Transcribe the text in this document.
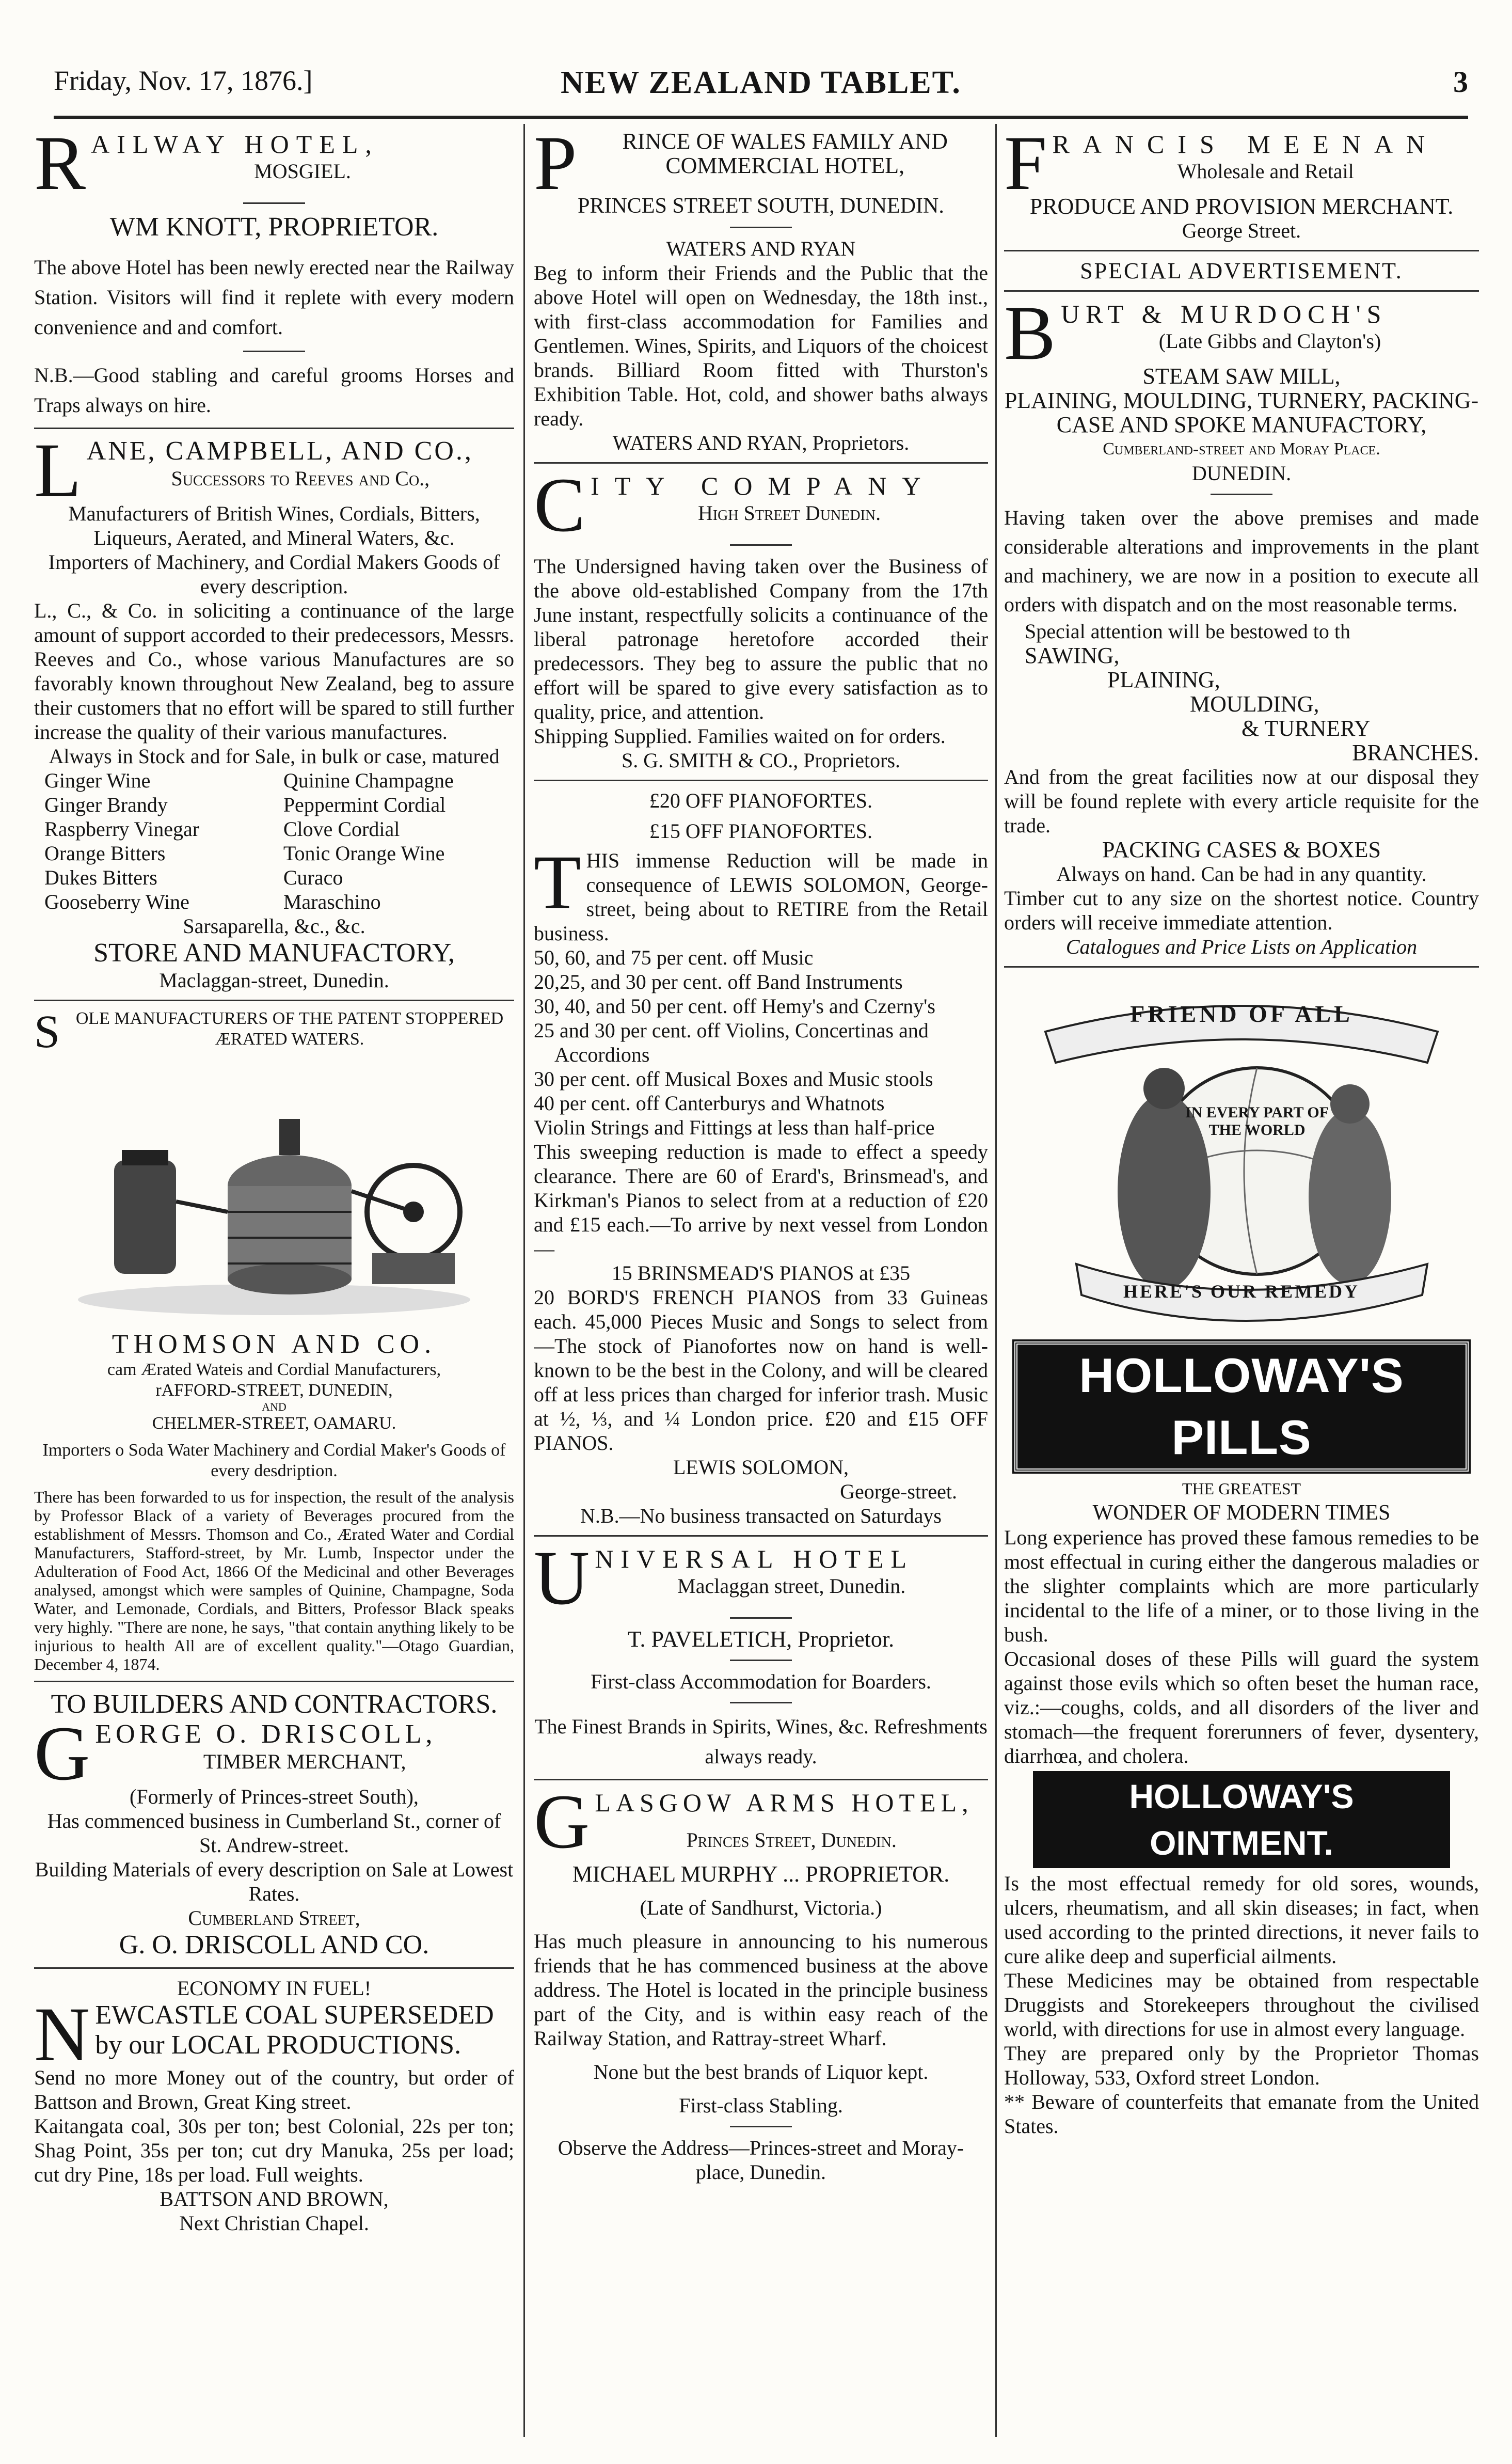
Friday, Nov. 17, 1876.]	NEW ZEALAND TABLET.	3
R AILWAY HOTEL,
MOSGIEL.
WM KNOTT, PROPRIETOR.
The above Hotel has been newly erected near the Railway Station. Visitors will find it replete with every modern convenience and and comfort.
N.B.—Good stabling and careful grooms Horses and Traps always on hire.
L ANE, CAMPBELL, AND CO.,
Successors to Reeves and Co.,
Manufacturers of British Wines, Cordials, Bitters, Liqueurs, Aerated, and Mineral Waters, &c.
Importers of Machinery, and Cordial Makers Goods of every description.
L., C., & Co. in soliciting a continuance of the large amount of support accorded to their predecessors, Messrs. Reeves and Co., whose various Manufactures are so favorably known throughout New Zealand, beg to assure their customers that no effort will be spared to still further increase the quality of their various manufactures.
Always in Stock and for Sale, in bulk or case, matured
Ginger Wine	Quinine Champagne
Ginger Brandy	Peppermint Cordial
Raspberry Vinegar	Clove Cordial
Orange Bitters	Tonic Orange Wine
Dukes Bitters	Curaco
Gooseberry Wine	Maraschino
Sarsaparella, &c., &c.
STORE AND MANUFACTORY,
Maclaggan-street, Dunedin.
S OLE MANUFACTURERS OF THE PATENT STOPPERED ÆRATED WATERS.
THOMSON AND CO.
cam Ærated Wateis and Cordial Manufacturers,
rAFFORD-STREET, DUNEDIN,
AND
CHELMER-STREET, OAMARU.
Importers o Soda Water Machinery and Cordial Maker's Goods of every desdription.
There has been forwarded to us for inspection, the result of the analysis by Professor Black of a variety of Beverages procured from the establishment of Messrs. Thomson and Co., Ærated Water and Cordial Manufacturers, Stafford-street, by Mr. Lumb, Inspector under the Adulteration of Food Act, 1866 Of the Medicinal and other Beverages analysed, amongst which were samples of Quinine, Champagne, Soda Water, and Lemonade, Cordials, and Bitters, Professor Black speaks very highly. "There are none, he says, "that contain anything likely to be injurious to health All are of excellent quality."—Otago Guardian, December 4, 1874.
TO BUILDERS AND CONTRACTORS.
G EORGE O. DRISCOLL,
TIMBER MERCHANT,
(Formerly of Princes-street South),
Has commenced business in Cumberland St., corner of St. Andrew-street.
Building Materials of every description on Sale at Lowest Rates.
Cumberland Street,
G. O. DRISCOLL AND CO.
ECONOMY IN FUEL!
N EWCASTLE COAL SUPERSEDED by our LOCAL PRODUCTIONS.
Send no more Money out of the country, but order of Battson and Brown, Great King street.
Kaitangata coal, 30s per ton; best Colonial, 22s per ton; Shag Point, 35s per ton; cut dry Manuka, 25s per load; cut dry Pine, 18s per load. Full weights.
BATTSON AND BROWN,
Next Christian Chapel.
P	RINCE OF WALES FAMILY AND COMMERCIAL HOTEL,
PRINCES STREET SOUTH, DUNEDIN.
WATERS AND RYAN
Beg to inform their Friends and the Public that the above Hotel will open on Wednesday, the 18th inst., with first-class accommodation for Families and Gentlemen. Wines, Spirits, and Liquors of the choicest brands. Billiard Room fitted with Thurston's Exhibition Table. Hot, cold, and shower baths always ready.
WATERS AND RYAN, Proprietors.
C ITY COMPANY
High Street Dunedin.
The Undersigned having taken over the Business of the above old-established Company from the 17th June instant, respectfully solicits a continuance of the liberal patronage heretofore accorded their predecessors. They beg to assure the public that no effort will be spared to give every satisfaction as to quality, price, and attention.
Shipping Supplied. Families waited on for orders.
S. G. SMITH & CO., Proprietors.
£20 OFF PIANOFORTES.
£15 OFF PIANOFORTES.
T HIS immense Reduction will be made in consequence of LEWIS SOLOMON, George-street, being about to RETIRE from the Retail business.
50, 60, and 75 per cent. off Music
20,25, and 30 per cent. off Band Instruments
30, 40, and 50 per cent. off Hemy's and Czerny's
25 and 30 per cent. off Violins, Concertinas and Accordions
30 per cent. off Musical Boxes and Music stools
40 per cent. off Canterburys and Whatnots
Violin Strings and Fittings at less than half-price
This sweeping reduction is made to effect a speedy clearance. There are 60 of Erard's, Brinsmead's, and Kirkman's Pianos to select from at a reduction of £20 and £15 each.—To arrive by next vessel from London—
15 BRINSMEAD'S PIANOS at £35
20 BORD'S FRENCH PIANOS from 33 Guineas each. 45,000 Pieces Music and Songs to select from —The stock of Pianofortes now on hand is well-known to be the best in the Colony, and will be cleared off at less prices than charged for inferior trash. Music at ½, ⅓, and ¼ London price. £20 and £15 OFF PIANOS.
LEWIS SOLOMON,
George-street.
N.B.—No business transacted on Saturdays
U NIVERSAL HOTEL
Maclaggan street, Dunedin.
T. PAVELETICH, Proprietor.
First-class Accommodation for Boarders.
The Finest Brands in Spirits, Wines, &c. Refreshments always ready.
G LASGOW ARMS HOTEL,
Princes Street, Dunedin.
MICHAEL MURPHY ... PROPRIETOR.
(Late of Sandhurst, Victoria.)
Has much pleasure in announcing to his numerous friends that he has commenced business at the above address. The Hotel is located in the principle business part of the City, and is within easy reach of the Railway Station, and Rattray-street Wharf.
None but the best brands of Liquor kept.
First-class Stabling.
Observe the Address—Princes-street and Moray-place, Dunedin.
F RANCIS MEENAN
Wholesale and Retail
PRODUCE AND PROVISION MERCHANT.
George Street.
SPECIAL ADVERTISEMENT.
B URT & MURDOCH'S
(Late Gibbs and Clayton's)
STEAM SAW MILL,
PLAINING, MOULDING, TURNERY, PACKING-CASE AND SPOKE MANUFACTORY,
Cumberland-street and Moray Place.
DUNEDIN.
Having taken over the above premises and made considerable alterations and improvements in the plant and machinery, we are now in a position to execute all orders with dispatch and on the most reasonable terms.
Special attention will be bestowed to th
SAWING,
PLAINING,
MOULDING,
& TURNERY
BRANCHES.
And from the great facilities now at our disposal they will be found replete with every article requisite for the trade.
PACKING CASES & BOXES
Always on hand. Can be had in any quantity.
Timber cut to any size on the shortest notice. Country orders will receive immediate attention.
Catalogues and Price Lists on Application
FRIEND OF ALL
IN EVERY PART OF THE WORLD
HERE'S OUR REMEDY
HOLLOWAY'S PILLS
THE GREATEST
WONDER OF MODERN TIMES
Long experience has proved these famous remedies to be most effectual in curing either the dangerous maladies or the slighter complaints which are more particularly incidental to the life of a miner, or to those living in the bush.
Occasional doses of these Pills will guard the system against those evils which so often beset the human race, viz.:—coughs, colds, and all disorders of the liver and stomach—the frequent forerunners of fever, dysentery, diarrhœa, and cholera.
HOLLOWAY'S OINTMENT.
Is the most effectual remedy for old sores, wounds, ulcers, rheumatism, and all skin diseases; in fact, when used according to the printed directions, it never fails to cure alike deep and superficial ailments.
These Medicines may be obtained from respectable Druggists and Storekeepers throughout the civilised world, with directions for use in almost every language.
They are prepared only by the Proprietor Thomas Holloway, 533, Oxford street London.
** Beware of counterfeits that emanate from the United States.
